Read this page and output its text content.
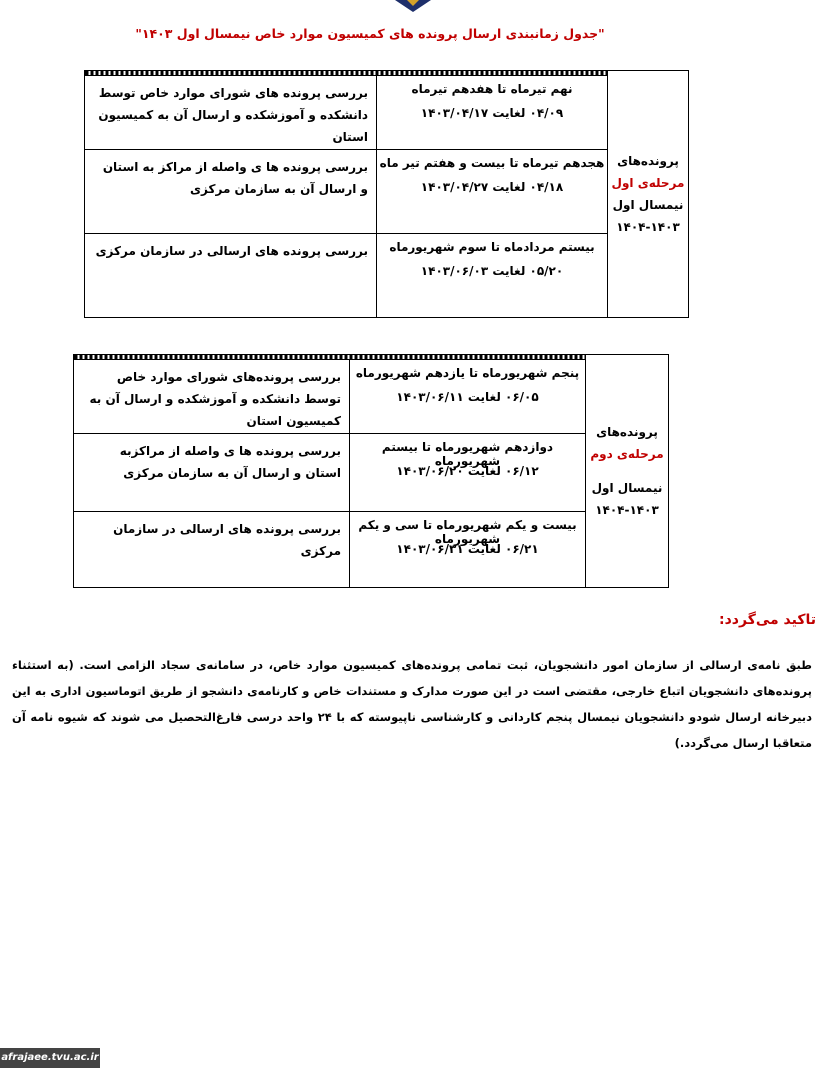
"جدول زمانبندی ارسال پرونده های کمیسیون موارد خاص نیمسال اول ۱۴۰۳"
پرونده‌های
مرحله‌ی اول
نیمسال اول
۱۴۰۴-۱۴۰۳		

	نهم تیرماه تا هفدهم تیرماه
۰۴/۰۹ لغایت ۱۴۰۳/۰۴/۱۷	بررسی پرونده های شورای موارد خاص توسط دانشکده و آموزشکده و ارسال آن به کمیسیون استان

	هجدهم تیرماه تا بیست و هفتم تیر ماه
۰۴/۱۸ لغایت ۱۴۰۳/۰۴/۲۷	بررسی پرونده ها ی واصله از مراکز به استان و ارسال آن به سازمان مرکزی

	بیستم مردادماه تا سوم شهریورماه
۰۵/۲۰ لغایت ۱۴۰۳/۰۶/۰۳	بررسی پرونده های ارسالی در سازمان مرکزی
پرونده‌های
مرحله‌ی دوم
نیمسال اول
۱۴۰۴-۱۴۰۳		

	پنجم شهریورماه تا یازدهم شهریورماه
۰۶/۰۵ لغایت ۱۴۰۳/۰۶/۱۱	بررسی پرونده‌های شورای موارد خاص توسط دانشکده و آموزشکده و ارسال آن به کمیسیون استان

	دوازدهم شهریورماه تا بیستم شهریورماه
۰۶/۱۲ لغایت ۱۴۰۳/۰۶/۲۰	بررسی پرونده ها ی واصله از مراکزبه استان و ارسال آن به سازمان مرکزی

	بیست و یکم شهریورماه تا سی و یکم شهریورماه
۰۶/۲۱ لغایت ۱۴۰۳/۰۶/۳۱	بررسی پرونده های ارسالی در سازمان مرکزی
تاکید می‌گردد:
طبق نامه‌ی ارسالی از سازمان امور دانشجویان، ثبت تمامی پرونده‌های کمیسیون موارد خاص، در سامانه‌ی سجاد الزامی است. (به استثناء پرونده‌های دانشجویان اتباع خارجی، مقتضی است در این صورت مدارک و مستندات خاص و کارنامه‌ی دانشجو از طریق اتوماسیون اداری به این دبیرخانه ارسال شودو دانشجویان نیمسال پنجم کاردانی و کارشناسی ناپیوسته که با ۲۴ واحد درسی فارغ‌التحصیل می شوند که شیوه نامه آن متعاقبا ارسال می‌گردد.)
afrajaee.tvu.ac.ir
